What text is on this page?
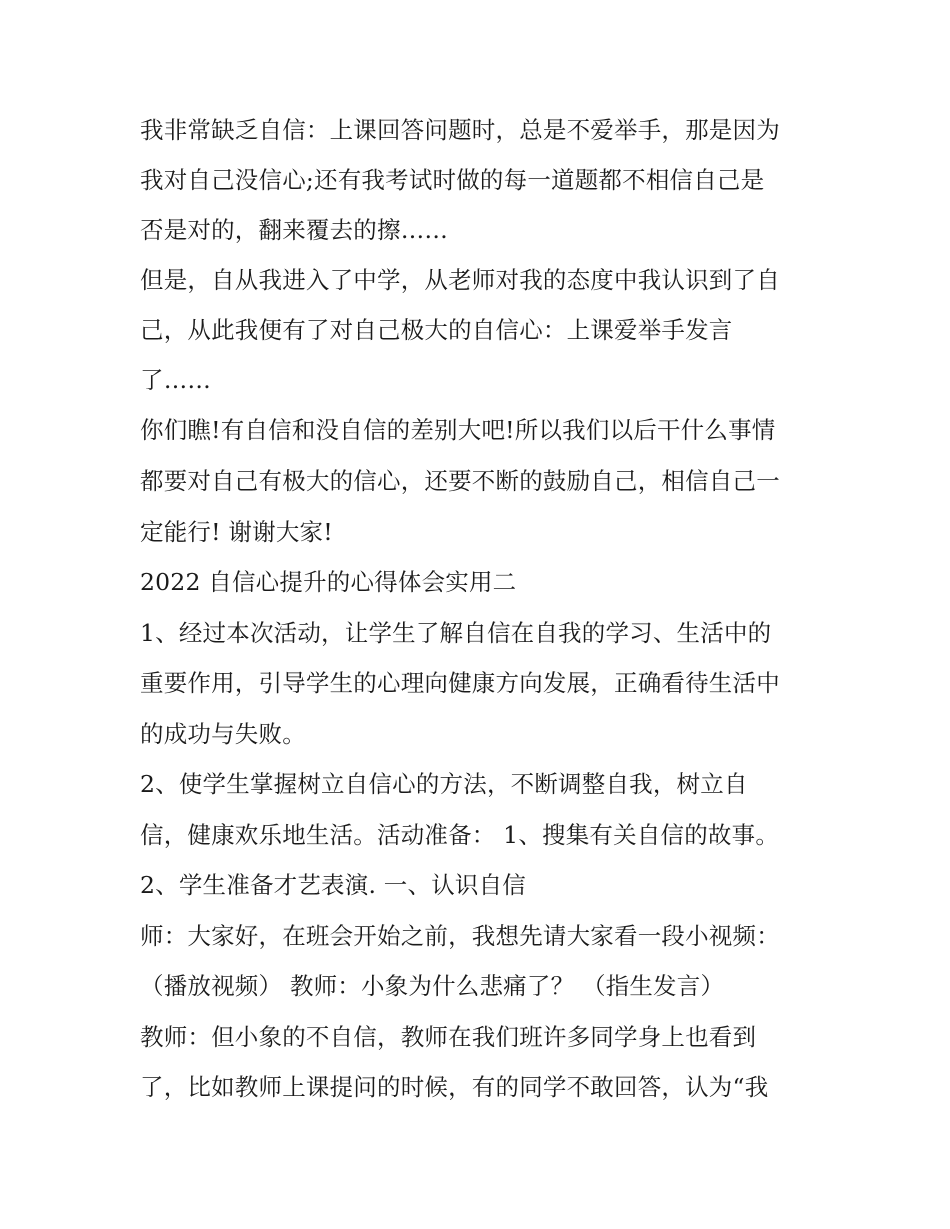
我非常缺乏自信：上课回答问题时，总是不爱举手，那是因为
我对自己没信心;还有我考试时做的每一道题都不相信自己是
否是对的，翻来覆去的擦……
但是，自从我进入了中学，从老师对我的态度中我认识到了自
己，从此我便有了对自己极大的自信心：上课爱举手发言
了……
你们瞧!有自信和没自信的差别大吧!所以我们以后干什么事情
都要对自己有极大的信心，还要不断的鼓励自己，相信自己一
定能行! 谢谢大家!
2022 自信心提升的心得体会实用二
1、经过本次活动，让学生了解自信在自我的学习、生活中的
重要作用，引导学生的心理向健康方向发展，正确看待生活中
的成功与失败。
2、使学生掌握树立自信心的方法，不断调整自我，树立自
信，健康欢乐地生活。活动准备： 1、搜集有关自信的故事。
2、学生准备才艺表演. 一、认识自信
师：大家好，在班会开始之前，我想先请大家看一段小视频：
（播放视频） 教师：小象为什么悲痛了？ （指生发言）
教师：但小象的不自信，教师在我们班许多同学身上也看到
了，比如教师上课提问的时候，有的同学不敢回答，认为“我
